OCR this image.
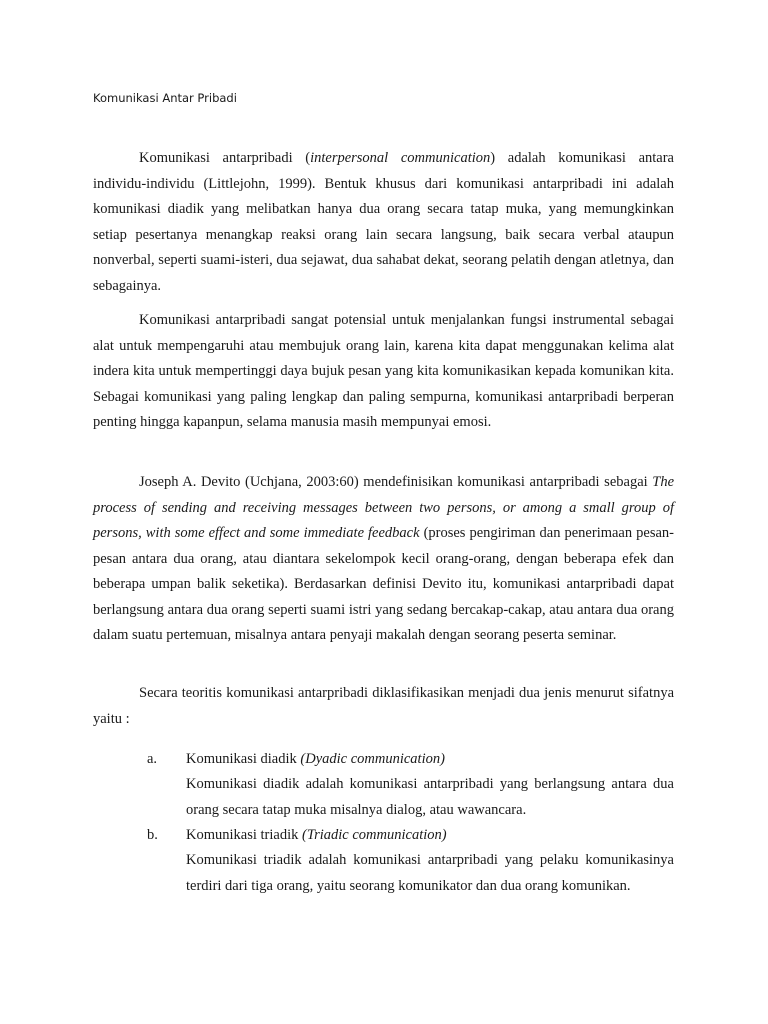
Komunikasi Antar Pribadi

Komunikasi antarpribadi (interpersonal communication) adalah komunikasi antara individu-individu (Littlejohn, 1999). Bentuk khusus dari komunikasi antarpribadi ini adalah komunikasi diadik yang melibatkan hanya dua orang secara tatap muka, yang memungkinkan setiap pesertanya menangkap reaksi orang lain secara langsung, baik secara verbal ataupun nonverbal, seperti suami-isteri, dua sejawat, dua sahabat dekat, seorang pelatih dengan atletnya, dan sebagainya.

Komunikasi antarpribadi sangat potensial untuk menjalankan fungsi instrumental sebagai alat untuk mempengaruhi atau membujuk orang lain, karena kita dapat menggunakan kelima alat indera kita untuk mempertinggi daya bujuk pesan yang kita komunikasikan kepada komunikan kita. Sebagai komunikasi yang paling lengkap dan paling sempurna, komunikasi antarpribadi berperan penting hingga kapanpun, selama manusia masih mempunyai emosi.

Joseph A. Devito (Uchjana, 2003:60) mendefinisikan komunikasi antarpribadi sebagai The process of sending and receiving messages between two persons, or among a small group of persons, with some effect and some immediate feedback (proses pengiriman dan penerimaan pesan-pesan antara dua orang, atau diantara sekelompok kecil orang-orang, dengan beberapa efek dan beberapa umpan balik seketika). Berdasarkan definisi Devito itu, komunikasi antarpribadi dapat berlangsung antara dua orang seperti suami istri yang sedang bercakap-cakap, atau antara dua orang dalam suatu pertemuan, misalnya antara penyaji makalah dengan seorang peserta seminar.

Secara teoritis komunikasi antarpribadi diklasifikasikan menjadi dua jenis menurut sifatnya yaitu :

a. Komunikasi diadik (Dyadic communication)

Komunikasi diadik adalah komunikasi antarpribadi yang berlangsung antara dua orang secara tatap muka misalnya dialog, atau wawancara.

b. Komunikasi triadik (Triadic communication)

Komunikasi triadik adalah komunikasi antarpribadi yang pelaku komunikasinya terdiri dari tiga orang, yaitu seorang komunikator dan dua orang komunikan.
